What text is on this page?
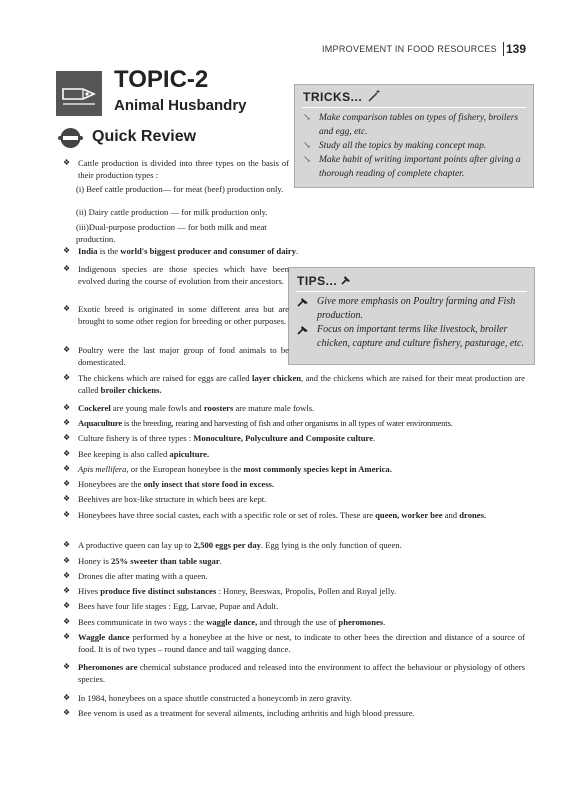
IMPROVEMENT IN FOOD RESOURCES 139
TOPIC-2
Animal Husbandry
Quick Review
TRICKS...
↘ Make comparison tables on types of fishery, broilers and egg, etc.
↘ Study all the topics by making concept map.
↘ Make habit of writing important points after giving a thorough reading of complete chapter.
TIPS...
Give more emphasis on Poultry farming and Fish production.
Focus on important terms like livestock, broiler chicken, capture and culture fishery, pasturage, etc.
❖ Cattle production is divided into three types on the basis of their production types :
(i) Beef cattle production— for meat (beef) production only.
(ii) Dairy cattle production — for milk production only.
(iii)Dual-purpose production — for both milk and meat production.
❖ India is the world's biggest producer and consumer of dairy.
❖ Indigenous species are those species which have been evolved during the course of evolution from their ancestors.
❖ Exotic breed is originated in some different area but are brought to some other region for breeding or other purposes.
❖ Poultry were the last major group of food animals to be domesticated.
❖ The chickens which are raised for eggs are called layer chicken, and the chickens which are raised for their meat production are called broiler chickens.
❖ Cockerel are young male fowls and roosters are mature male fowls.
❖ Aquaculture is the breeding, rearing and harvesting of fish and other organisms in all types of water environments.
❖ Culture fishery is of three types : Monoculture, Polyculture and Composite culture.
❖ Bee keeping is also called apiculture.
❖ Apis mellifera, or the European honeybee is the most commonly species kept in America.
❖ Honeybees are the only insect that store food in excess.
❖ Beehives are box-like structure in which bees are kept.
❖ Honeybees have three social castes, each with a specific role or set of roles. These are queen, worker bee and drones.
❖ A productive queen can lay up to 2,500 eggs per day. Egg lying is the only function of queen.
❖ Honey is 25% sweeter than table sugar.
❖ Drones die after mating with a queen.
❖ Hives produce five distinct substances : Honey, Beeswax, Propolis, Pollen and Royal jelly.
❖ Bees have four life stages : Egg, Larvae, Pupae and Adult.
❖ Bees communicate in two ways : the waggle dance, and through the use of pheromones.
❖ Waggle dance performed by a honeybee at the hive or nest, to indicate to other bees the direction and distance of a source of food. It is of two types – round dance and tail wagging dance.
❖ Pheromones are chemical substance produced and released into the environment to affect the behaviour or physiology of others species.
❖ In 1984, honeybees on a space shuttle constructed a honeycomb in zero gravity.
❖ Bee venom is used as a treatment for several ailments, including arthritis and high blood pressure.
